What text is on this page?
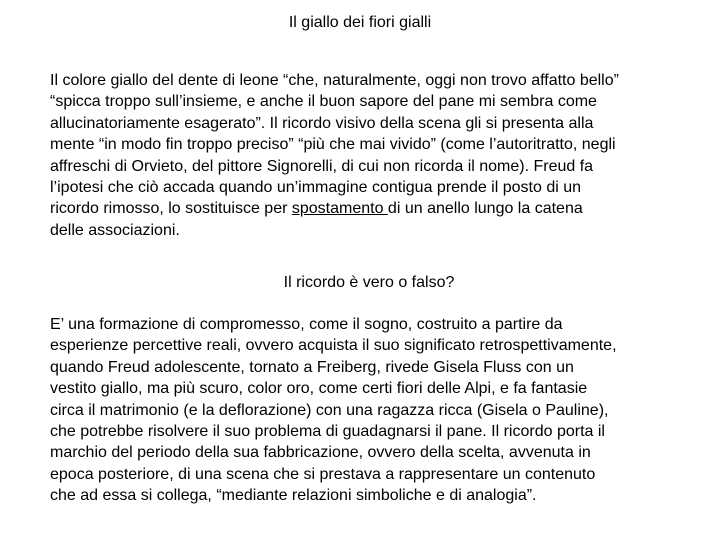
Il giallo dei fiori gialli
Il colore giallo del dente di leone “che, naturalmente, oggi non trovo affatto bello”
“spicca troppo sull’insieme, e anche il buon sapore del pane mi sembra come
allucinatoriamente esagerato”. Il ricordo visivo della scena gli si presenta alla
mente “in modo fin troppo preciso” “più che mai vivido” (come l’autoritratto, negli
affreschi di Orvieto, del pittore Signorelli, di cui non ricorda il nome). Freud fa
l’ipotesi che ciò accada quando un’immagine contigua prende il posto di un
ricordo rimosso, lo sostituisce per spostamento di un anello lungo la catena
delle associazioni.
Il ricordo è vero o falso?
E’ una formazione di compromesso, come il sogno, costruito a partire da
esperienze percettive reali, ovvero acquista il suo significato retrospettivamente,
quando Freud adolescente, tornato a Freiberg, rivede Gisela Fluss con un
vestito giallo, ma più scuro, color oro, come certi fiori delle Alpi, e fa fantasie
circa il matrimonio (e la deflorazione) con una ragazza ricca (Gisela o Pauline),
che potrebbe risolvere il suo problema di guadagnarsi il pane. Il ricordo porta il
marchio del periodo della sua fabbricazione, ovvero della scelta, avvenuta in
epoca posteriore, di una scena che si prestava a rappresentare un contenuto
che ad essa si collega, “mediante relazioni simboliche e di analogia”.
